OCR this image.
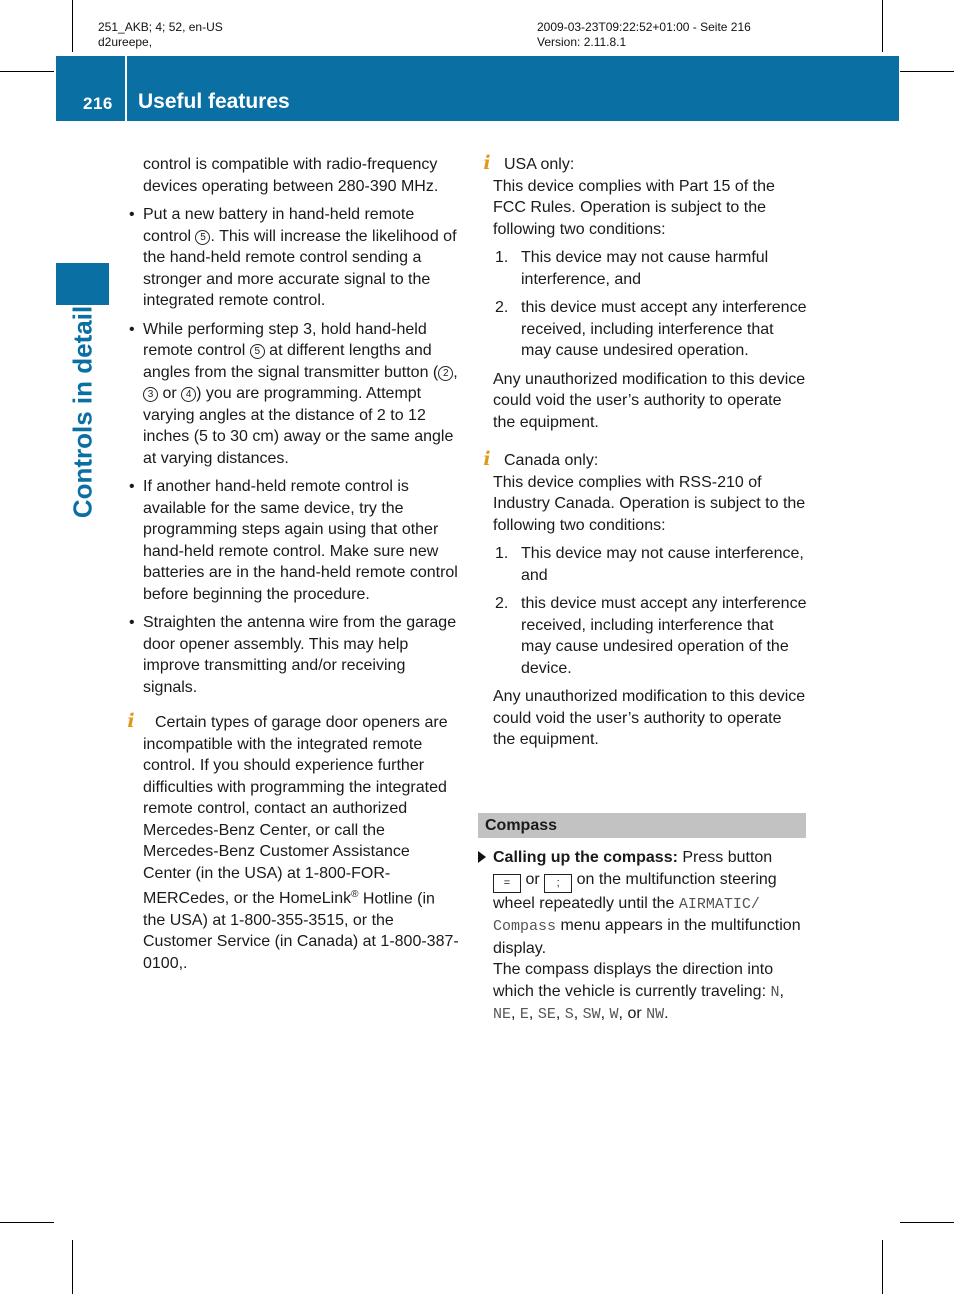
251_AKB; 4; 52, en-US
d2ureepe,
2009-03-23T09:22:52+01:00 - Seite 216
Version: 2.11.8.1
216 Useful features
Controls in detail

control is compatible with radio-frequency devices operating between 280-390 MHz.

• Put a new battery in hand-held remote control 5 . This will increase the likelihood of the hand-held remote control sending a stronger and more accurate signal to the integrated remote control.
• While performing step 3, hold hand-held remote control 5 at different lengths and angles from the signal transmitter button ( 2 , 3 or 4 ) you are programming. Attempt varying angles at the distance of 2 to 12 inches (5 to 30 cm) away or the same angle at varying distances.
• If another hand-held remote control is available for the same device, try the programming steps again using that other hand-held remote control. Make sure new batteries are in the hand-held remote control before beginning the procedure.
• Straighten the antenna wire from the garage door opener assembly. This may help improve transmitting and/or receiving signals.
i	Certain types of garage door openers are incompatible with the integrated remote control. If you should experience further difficulties with programming the integrated remote control, contact an authorized Mercedes-Benz Center, or call the Mercedes-Benz Customer Assistance Center (in the USA) at 1-800-FOR-MERCedes, or the HomeLink® Hotline (in the USA) at 1-800-355-3515, or the Customer Service (in Canada) at 1-800-387-0100,.
i USA only:

This device complies with Part 15 of the FCC Rules. Operation is subject to the following two conditions:

1. This device may not cause harmful interference, and
2. this device must accept any interference received, including interference that may cause undesired operation.

Any unauthorized modification to this device could void the user’s authority to operate the equipment.

i Canada only:

This device complies with RSS-210 of Industry Canada. Operation is subject to the following two conditions:

1. This device may not cause interference, and
2. this device must accept any interference received, including interference that may cause undesired operation of the device.

Any unauthorized modification to this device could void the user’s authority to operate the equipment.

Compass

Calling up the compass: Press button
= or ; on the multifunction steering wheel repeatedly until the AIRMATIC/ Compass menu appears in the multifunction display.

The compass displays the direction into which the vehicle is currently traveling: N, NE, E, SE, S, SW, W, or NW.
